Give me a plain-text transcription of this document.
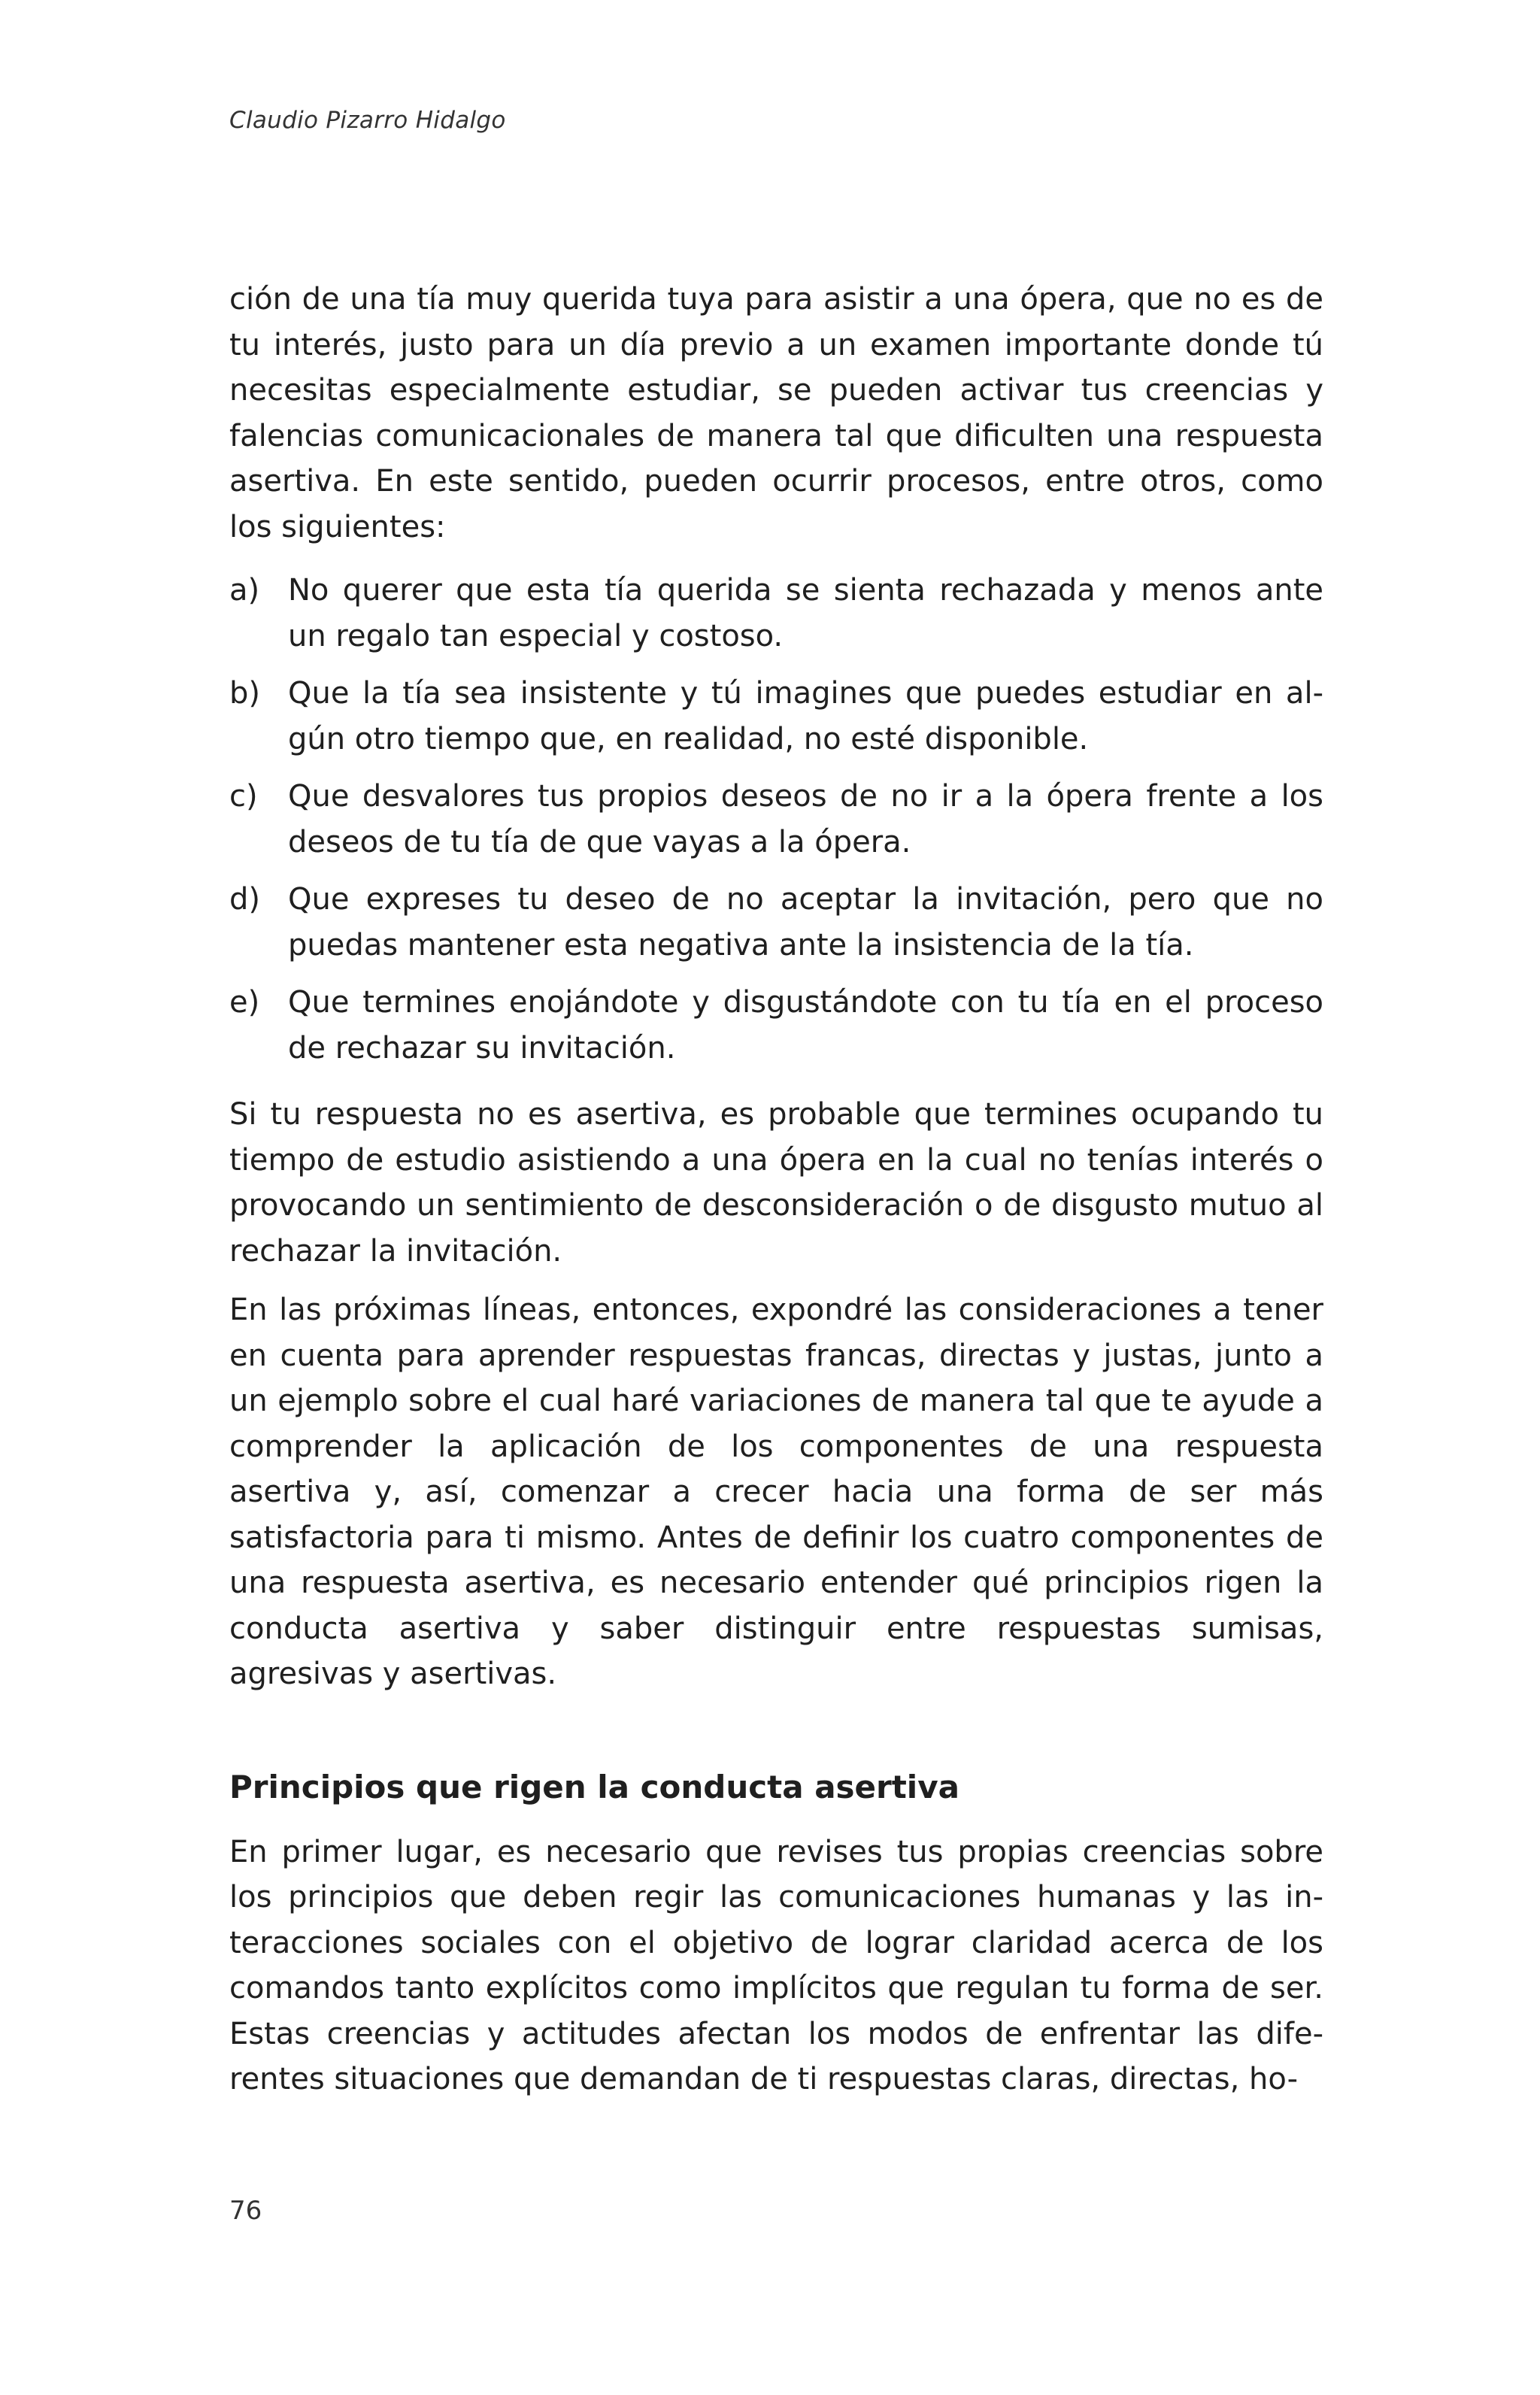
Claudio Pizarro Hidalgo

ción de una tía muy querida tuya para asistir a una ópera, que no es de tu interés, justo para un día previo a un examen importante donde tú necesitas especialmente estudiar, se pueden activar tus creencias y falencias comunicacionales de manera tal que dificulten una respuesta asertiva. En este sentido, pueden ocurrir procesos, entre otros, como los siguientes:

a) No querer que esta tía querida se sienta rechazada y menos ante un regalo tan especial y costoso.
b) Que la tía sea insistente y tú imagines que puedes estudiar en algún otro tiempo que, en realidad, no esté disponible.
c) Que desvalores tus propios deseos de no ir a la ópera frente a los deseos de tu tía de que vayas a la ópera.
d) Que expreses tu deseo de no aceptar la invitación, pero que no puedas mantener esta negativa ante la insistencia de la tía.
e) Que termines enojándote y disgustándote con tu tía en el proceso de rechazar su invitación.

Si tu respuesta no es asertiva, es probable que termines ocupando tu tiempo de estudio asistiendo a una ópera en la cual no tenías interés o provocando un sentimiento de desconsideración o de disgusto mutuo al rechazar la invitación.

En las próximas líneas, entonces, expondré las consideraciones a tener en cuenta para aprender respuestas francas, directas y justas, junto a un ejemplo sobre el cual haré variaciones de manera tal que te ayude a comprender la aplicación de los componentes de una respuesta asertiva y, así, comenzar a crecer hacia una forma de ser más satisfactoria para ti mismo. Antes de definir los cuatro componentes de una respuesta asertiva, es necesario entender qué principios rigen la conducta asertiva y saber distinguir entre respuestas sumisas, agresivas y asertivas.

Principios que rigen la conducta asertiva

En primer lugar, es necesario que revises tus propias creencias sobre los principios que deben regir las comunicaciones humanas y las interacciones sociales con el objetivo de lograr claridad acerca de los comandos tanto explícitos como implícitos que regulan tu forma de ser. Estas creencias y actitudes afectan los modos de enfrentar las diferentes situaciones que demandan de ti respuestas claras, directas, ho-

76
